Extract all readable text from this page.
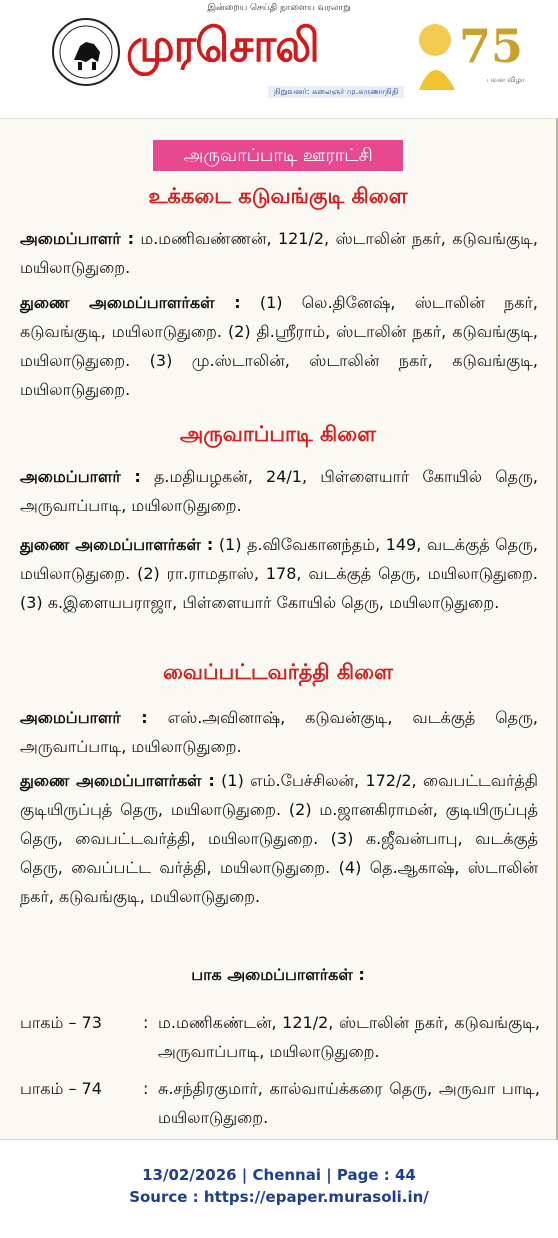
இன்றைய செய்தி நாளைய வரலாறு
முரசொலி	75
பவள விழா
நிறுவனர்: கலைஞர் மு.கருணாநிதி
அருவாப்பாடி ஊராட்சி
உக்கடை கடுவங்குடி கிளை
அமைப்பாளர் : ம.மணிவண்ணன், 121/2, ஸ்டாலின் நகர், கடுவங்குடி, மயிலாடுதுறை.
துணை அமைப்பாளர்கள் : (1) லெ.தினேஷ், ஸ்டாலின் நகர், கடுவங்குடி, மயிலாடுதுறை. (2) தி.ஸ்ரீராம், ஸ்டாலின் நகர், கடுவங்குடி, மயிலாடுதுறை. (3) மு.ஸ்டாலின், ஸ்டாலின் நகர், கடுவங்குடி, மயிலாடுதுறை.
அருவாப்பாடி கிளை
அமைப்பாளர் : த.மதியழகன், 24/1, பிள்ளையார் கோயில் தெரு, அருவாப்பாடி, மயிலாடுதுறை.
துணை அமைப்பாளர்கள் : (1) த.விவேகானந்தம், 149, வடக்குத் தெரு, மயிலாடுதுறை. (2) ரா.ராமதாஸ், 178, வடக்குத் தெரு, மயிலாடுதுறை. (3) க.இளையபராஜா, பிள்ளையார் கோயில் தெரு, மயிலாடுதுறை.
வைப்பட்டவர்த்தி கிளை
அமைப்பாளர் : எஸ்.அவினாஷ், கடுவன்குடி, வடக்குத் தெரு, அருவாப்பாடி, மயிலாடுதுறை.
துணை அமைப்பாளர்கள் : (1) எம்.பேச்சிலன், 172/2, வைபட்டவர்த்தி குடியிருப்புத் தெரு, மயிலாடுதுறை. (2) ம.ஜானகிராமன், குடியிருப்புத் தெரு, வைபட்டவர்த்தி, மயிலாடுதுறை. (3) க.ஜீவன்பாபு, வடக்குத் தெரு, வைப்பட்ட வர்த்தி, மயிலாடுதுறை. (4) தெ.ஆகாஷ், ஸ்டாலின் நகர், கடுவங்குடி, மயிலாடுதுறை.
பாக அமைப்பாளர்கள் :
பாகம் – 73	: ம.மணிகண்டன், 121/2, ஸ்டாலின் நகர், கடுவங்குடி, அருவாப்பாடி, மயிலாடுதுறை.
பாகம் – 74	: சு.சந்திரகுமார், கால்வாய்க்கரை தெரு, அருவா பாடி, மயிலாடுதுறை.
13/02/2026 | Chennai | Page : 44
Source : https://epaper.murasoli.in/
